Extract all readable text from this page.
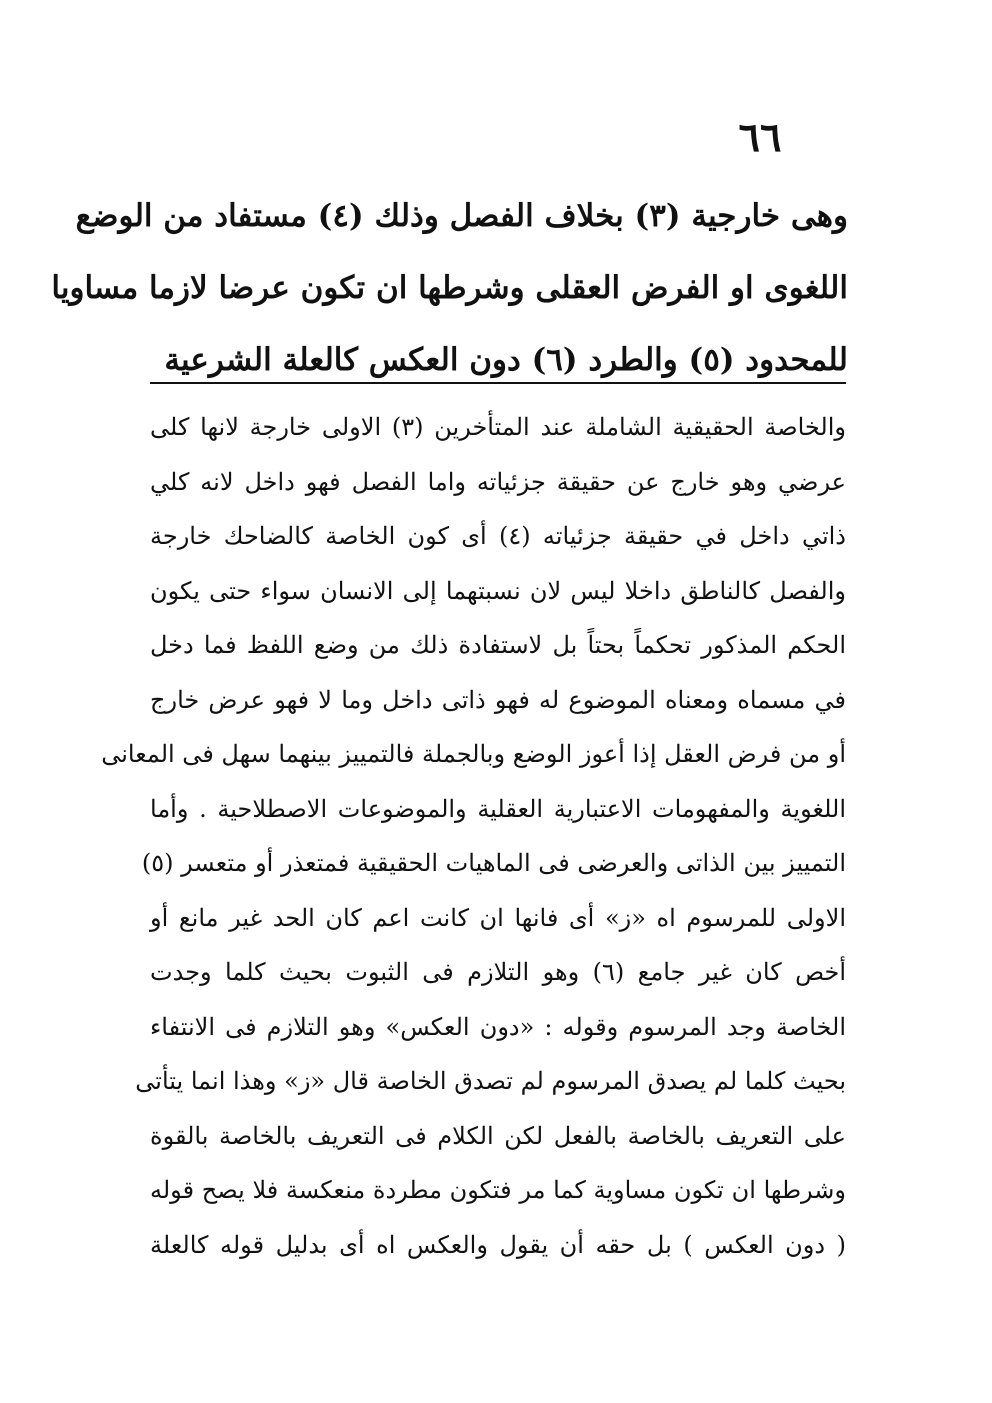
٦٦
وهى خارجية (٣) بخلاف الفصل وذلك (٤) مستفاد من الوضع
اللغوى او الفرض العقلى وشرطها ان تكون عرضا لازما مساويا
للمحدود (٥) والطرد (٦) دون العكس كالعلة الشرعية
والخاصة الحقيقية الشاملة عند المتأخرين (٣) الاولى خارجة لانها كلى
عرضي وهو خارج عن حقيقة جزئياته واما الفصل فهو داخل لانه كلي
ذاتي داخل في حقيقة جزئياته (٤) أى كون الخاصة كالضاحك خارجة
والفصل كالناطق داخلا ليس لان نسبتهما إلى الانسان سواء حتى يكون
الحكم المذكور تحكماً بحتاً بل لاستفادة ذلك من وضع اللفظ فما دخل
في مسماه ومعناه الموضوع له فهو ذاتى داخل وما لا فهو عرض خارج
أو من فرض العقل إذا أعوز الوضع وبالجملة فالتمييز بينهما سهل فى المعانى
اللغوية والمفهومات الاعتبارية العقلية والموضوعات الاصطلاحية . وأما
التمييز بين الذاتى والعرضى فى الماهيات الحقيقية فمتعذر أو متعسر (٥)
الاولى للمرسوم اه «ز» أى فانها ان كانت اعم كان الحد غير مانع أو
أخص كان غير جامع (٦) وهو التلازم فى الثبوت بحيث كلما وجدت
الخاصة وجد المرسوم وقوله : «دون العكس» وهو التلازم فى الانتفاء
بحيث كلما لم يصدق المرسوم لم تصدق الخاصة قال «ز» وهذا انما يتأتى
على التعريف بالخاصة بالفعل لكن الكلام فى التعريف بالخاصة بالقوة
وشرطها ان تكون مساوية كما مر فتكون مطردة منعكسة فلا يصح قوله
( دون العكس ) بل حقه أن يقول والعكس اه أى بدليل قوله كالعلة
